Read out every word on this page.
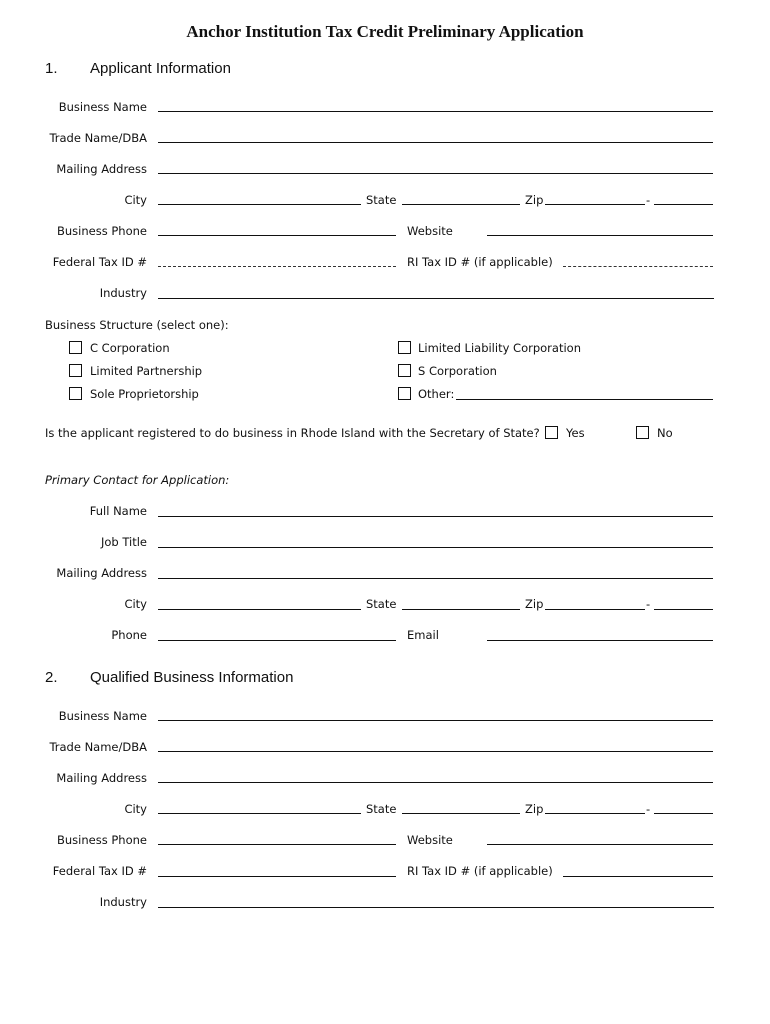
Anchor Institution Tax Credit Preliminary Application
1. Applicant Information
Business Name
Trade Name/DBA
Mailing Address
City	State	Zip	-
Business Phone	Website
Federal Tax ID #	RI Tax ID # (if applicable)
Industry
Business Structure (select one):
C Corporation	Limited Liability Corporation
Limited Partnership	S Corporation
Sole Proprietorship	Other:
Is the applicant registered to do business in Rhode Island with the Secretary of State? Yes	No
Primary Contact for Application:
Full Name
Job Title
Mailing Address
City	State	Zip	-
Phone	Email
2. Qualified Business Information
Business Name
Trade Name/DBA
Mailing Address
City	State	Zip	-
Business Phone	Website
Federal Tax ID #	RI Tax ID # (if applicable)
Industry
